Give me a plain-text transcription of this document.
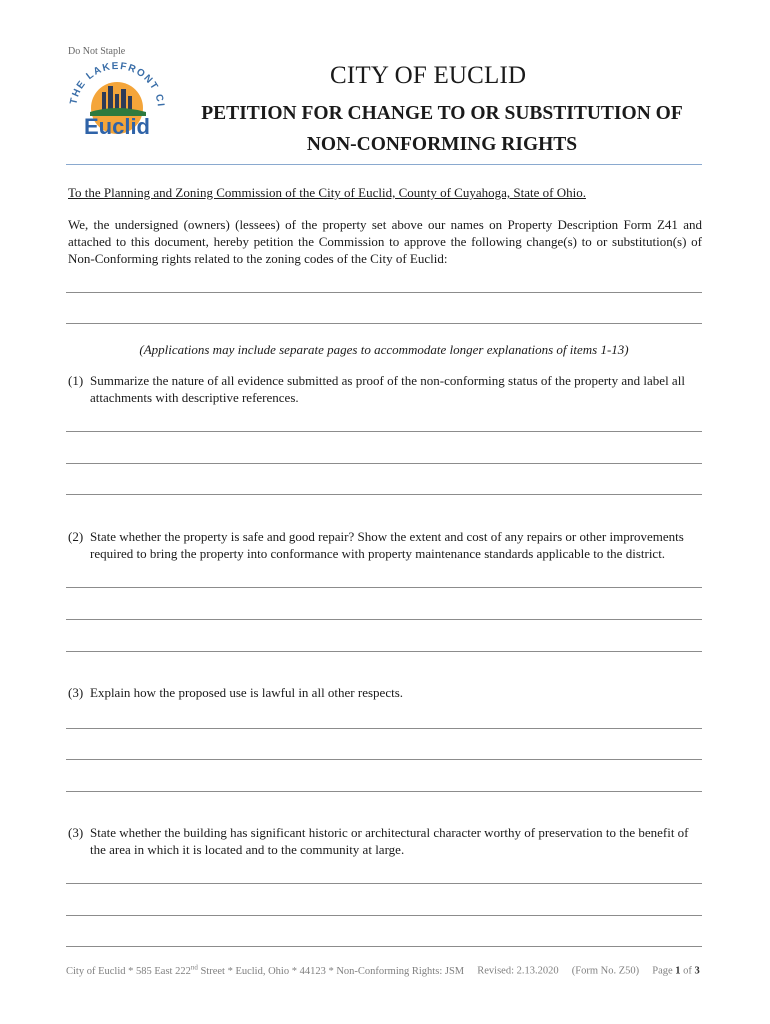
Do Not Staple
THE LAKEFRONT CI
Euclid
CITY OF EUCLID
PETITION FOR CHANGE TO OR SUBSTITUTION OF
NON-CONFORMING RIGHTS
To the Planning and Zoning Commission of the City of Euclid, County of Cuyahoga, State of Ohio.
We, the undersigned (owners) (lessees) of the property set above our names on Property Description Form Z41 and attached to this document, hereby petition the Commission to approve the following change(s) to or substitution(s) of Non-Conforming rights related to the zoning codes of the City of Euclid:
(Applications may include separate pages to accommodate longer explanations of items 1-13)
(1) Summarize the nature of all evidence submitted as proof of the non-conforming status of the property and label all
attachments with descriptive references.
(2) State whether the property is safe and good repair? Show the extent and cost of any repairs or other improvements
required to bring the property into conformance with property maintenance standards applicable to the district.
(3) Explain how the proposed use is lawful in all other respects.
(3) State whether the building has significant historic or architectural character worthy of preservation to the benefit of
the area in which it is located and to the community at large.
City of Euclid * 585 East 222nd Street * Euclid, Ohio * 44123 * Non-Conforming Rights: JSM Revised: 2.13.2020 (Form No. Z50) Page 1 of 3
